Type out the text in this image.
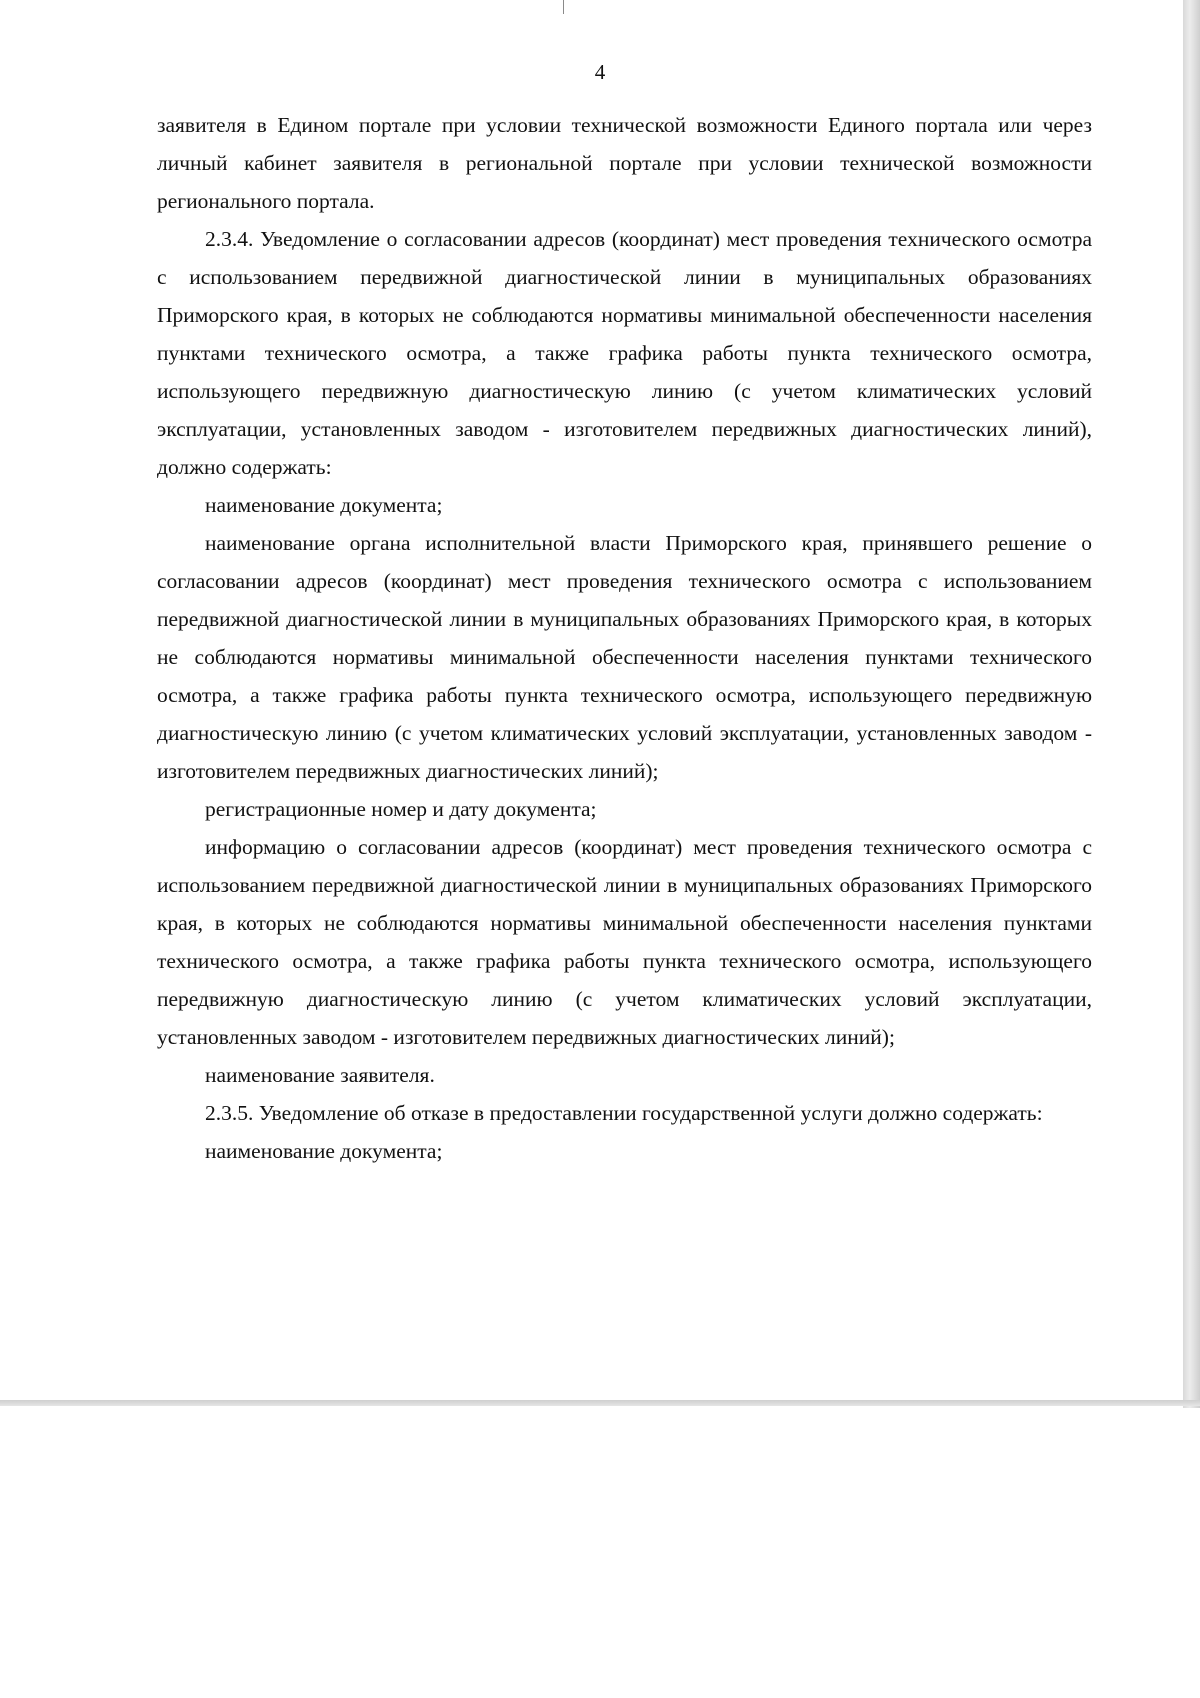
4

заявителя в Едином портале при условии технической возможности Единого портала или через личный кабинет заявителя в региональной портале при условии технической возможности регионального портала.

2.3.4. Уведомление о согласовании адресов (координат) мест проведения технического осмотра с использованием передвижной диагностической линии в муниципальных образованиях Приморского края, в которых не соблюдаются нормативы минимальной обеспеченности населения пунктами технического осмотра, а также графика работы пункта технического осмотра, использующего передвижную диагностическую линию (с учетом климатических условий эксплуатации, установленных заводом - изготовителем передвижных диагностических линий), должно содержать:

наименование документа;

наименование органа исполнительной власти Приморского края, принявшего решение о согласовании адресов (координат) мест проведения технического осмотра с использованием передвижной диагностической линии в муниципальных образованиях Приморского края, в которых не соблюдаются нормативы минимальной обеспеченности населения пунктами технического осмотра, а также графика работы пункта технического осмотра, использующего передвижную диагностическую линию (с учетом климатических условий эксплуатации, установленных заводом - изготовителем передвижных диагностических линий);

регистрационные номер и дату документа;

информацию о согласовании адресов (координат) мест проведения технического осмотра с использованием передвижной диагностической линии в муниципальных образованиях Приморского края, в которых не соблюдаются нормативы минимальной обеспеченности населения пунктами технического осмотра, а также графика работы пункта технического осмотра, использующего передвижную диагностическую линию (с учетом климатических условий эксплуатации, установленных заводом - изготовителем передвижных диагностических линий);

наименование заявителя.

2.3.5. Уведомление об отказе в предоставлении государственной услуги должно содержать:

наименование документа;
